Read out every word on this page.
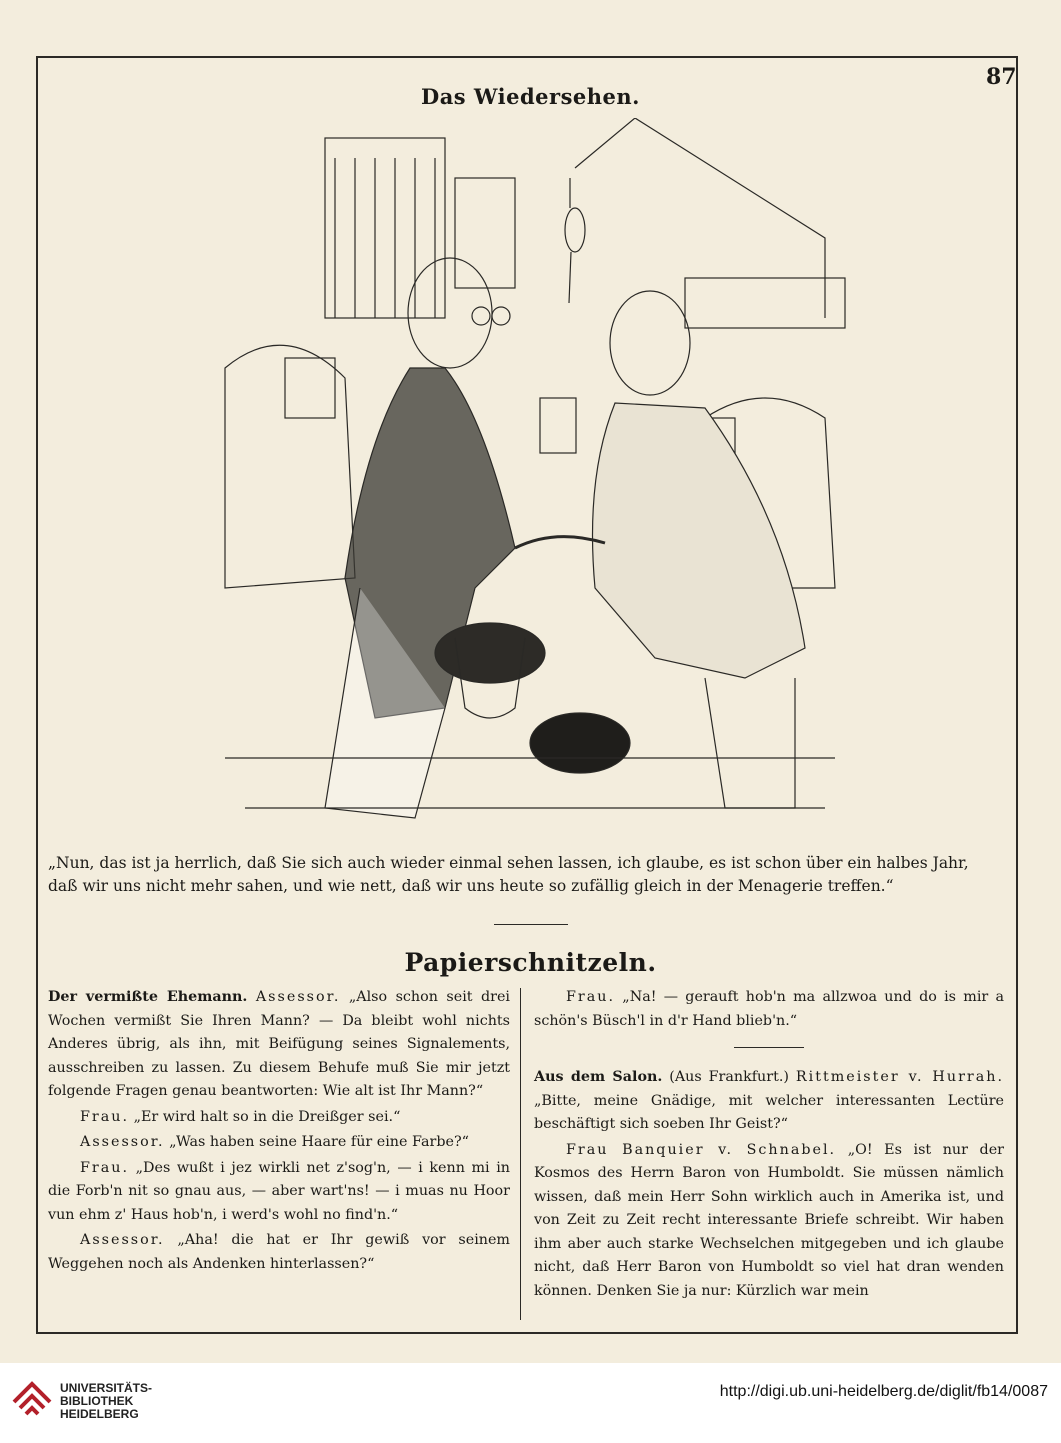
87
Das Wiedersehen.
„Nun, das ist ja herrlich, daß Sie sich auch wieder einmal sehen lassen, ich glaube, es ist schon über ein halbes Jahr,
daß wir uns nicht mehr sahen, und wie nett, daß wir uns heute so zufällig gleich in der Menagerie treffen.“
Papierschnitzeln.

Der vermißte Ehemann. Assessor. „Also schon seit drei Wochen vermißt Sie Ihren Mann? — Da bleibt wohl nichts Anderes übrig, als ihn, mit Beifügung seines Signalements, ausschreiben zu lassen. Zu diesem Behufe muß Sie mir jetzt folgende Fragen genau beantworten: Wie alt ist Ihr Mann?“

Frau. „Er wird halt so in die Dreißger sei.“

Assessor. „Was haben seine Haare für eine Farbe?“

Frau. „Des wußt i jez wirkli net z'sog'n, — i kenn mi in die Forb'n nit so gnau aus, — aber wart'ns! — i muas nu Hoor vun ehm z' Haus hob'n, i werd's wohl no find'n.“

Assessor. „Aha! die hat er Ihr gewiß vor seinem Weggehen noch als Andenken hinterlassen?“

Frau. „Na! — gerauft hob'n ma allzwoa und do is mir a schön's Büsch'l in d'r Hand blieb'n.“

Aus dem Salon. (Aus Frankfurt.) Rittmeister v. Hurrah. „Bitte, meine Gnädige, mit welcher interessanten Lectüre beschäftigt sich soeben Ihr Geist?“

Frau Banquier v. Schnabel. „O! Es ist nur der Kosmos des Herrn Baron von Humboldt. Sie müssen nämlich wissen, daß mein Herr Sohn wirklich auch in Amerika ist, und von Zeit zu Zeit recht interessante Briefe schreibt. Wir haben ihm aber auch starke Wechselchen mitgegeben und ich glaube nicht, daß Herr Baron von Humboldt so viel hat dran wenden können. Denken Sie ja nur: Kürzlich war mein

UNIVERSITÄTS-
BIBLIOTHEK
HEIDELBERG
http://digi.ub.uni-heidelberg.de/diglit/fb14/0087
